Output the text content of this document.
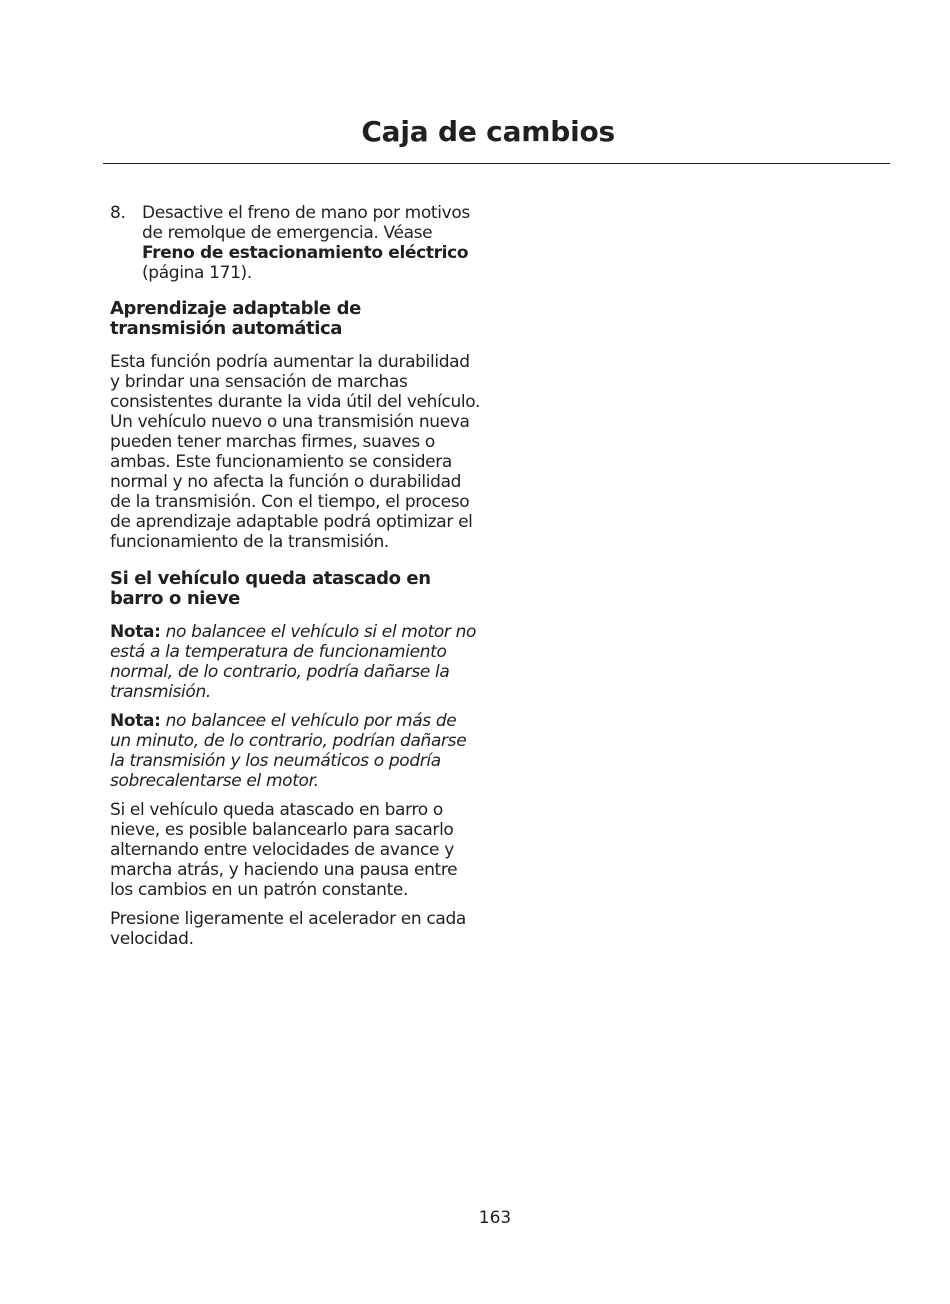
Caja de cambios
8. Desactive el freno de mano por motivos de remolque de emergencia. Véase Freno de estacionamiento eléctrico (página 171).
Aprendizaje adaptable de transmisión automática

Esta función podría aumentar la durabilidad y brindar una sensación de marchas consistentes durante la vida útil del vehículo. Un vehículo nuevo o una transmisión nueva pueden tener marchas firmes, suaves o ambas. Este funcionamiento se considera normal y no afecta la función o durabilidad de la transmisión. Con el tiempo, el proceso de aprendizaje adaptable podrá optimizar el funcionamiento de la transmisión.

Si el vehículo queda atascado en barro o nieve

Nota: no balancee el vehículo si el motor no está a la temperatura de funcionamiento normal, de lo contrario, podría dañarse la transmisión.

Nota: no balancee el vehículo por más de un minuto, de lo contrario, podrían dañarse la transmisión y los neumáticos o podría sobrecalentarse el motor.

Si el vehículo queda atascado en barro o nieve, es posible balancearlo para sacarlo alternando entre velocidades de avance y marcha atrás, y haciendo una pausa entre los cambios en un patrón constante.

Presione ligeramente el acelerador en cada velocidad.

163
